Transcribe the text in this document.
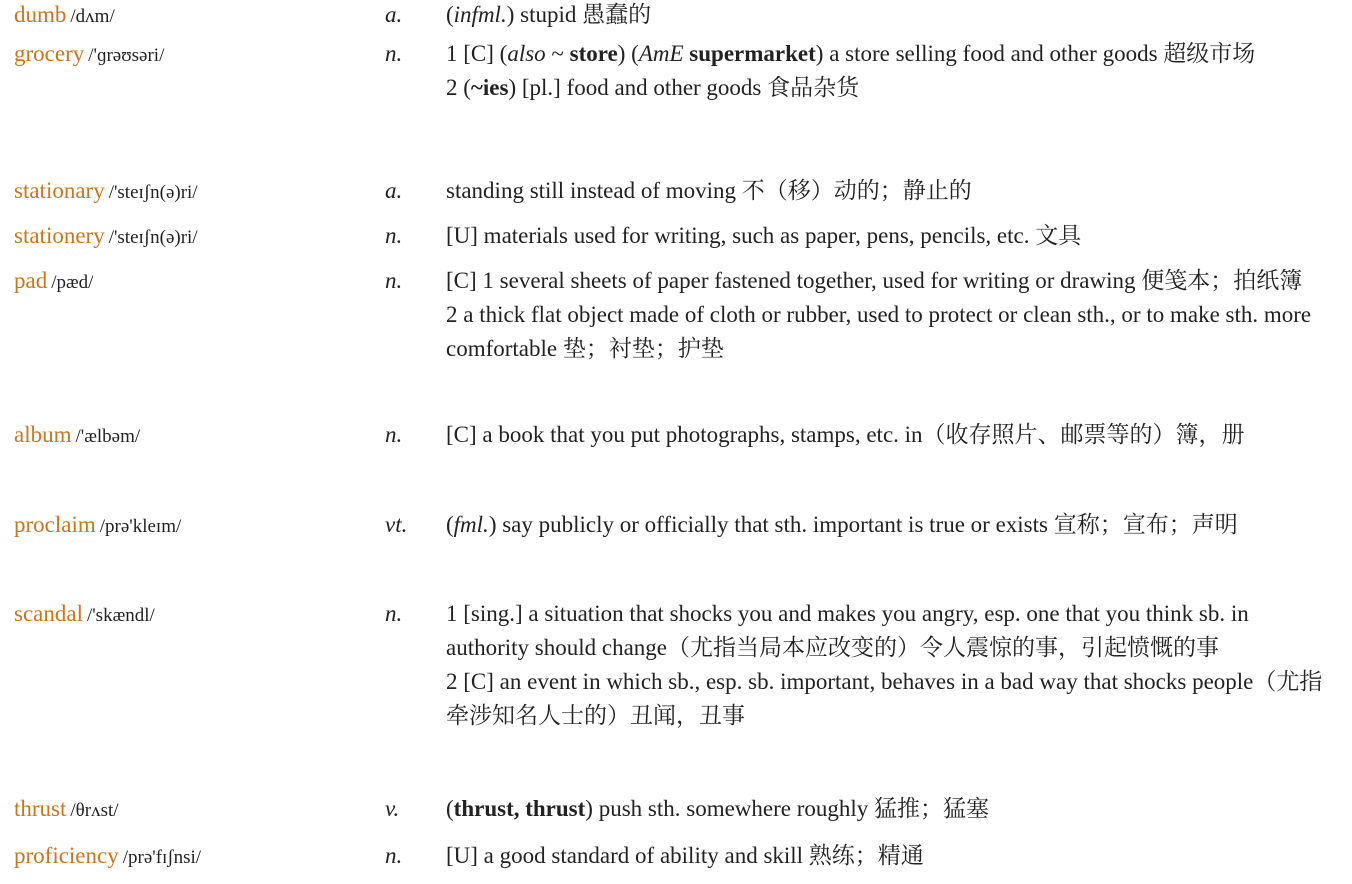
dumb /dʌm/	a.	(infml.) stupid 愚蠢的
grocery /'ɡrəʊsəri/	n.	1 [C] (also ~ store) (AmE supermarket) a store selling food and other goods 超级市场
2 (~ies) [pl.] food and other goods 食品杂货
stationary /'steɪʃn(ə)ri/	a.	standing still instead of moving 不（移）动的；静止的
stationery /'steɪʃn(ə)ri/	n.	[U] materials used for writing, such as paper, pens, pencils, etc. 文具
pad /pæd/	n.	[C] 1 several sheets of paper fastened together, used for writing or drawing 便笺本；拍纸簿
2 a thick flat object made of cloth or rubber, used to protect or clean sth., or to make sth. more comfortable 垫；衬垫；护垫
album /'ælbəm/	n.	[C] a book that you put photographs, stamps, etc. in（收存照片、邮票等的）簿，册
proclaim /prə'kleɪm/	vt.	(fml.) say publicly or officially that sth. important is true or exists 宣称；宣布；声明
scandal /'skændl/	n.	1 [sing.] a situation that shocks you and makes you angry, esp. one that you think sb. in authority should change（尤指当局本应改变的）令人震惊的事，引起愤慨的事
2 [C] an event in which sb., esp. sb. important, behaves in a bad way that shocks people（尤指牵涉知名人士的）丑闻，丑事
thrust /θrʌst/	v.	(thrust, thrust) push sth. somewhere roughly 猛推；猛塞
proficiency /prə'fɪʃnsi/	n.	[U] a good standard of ability and skill 熟练；精通
